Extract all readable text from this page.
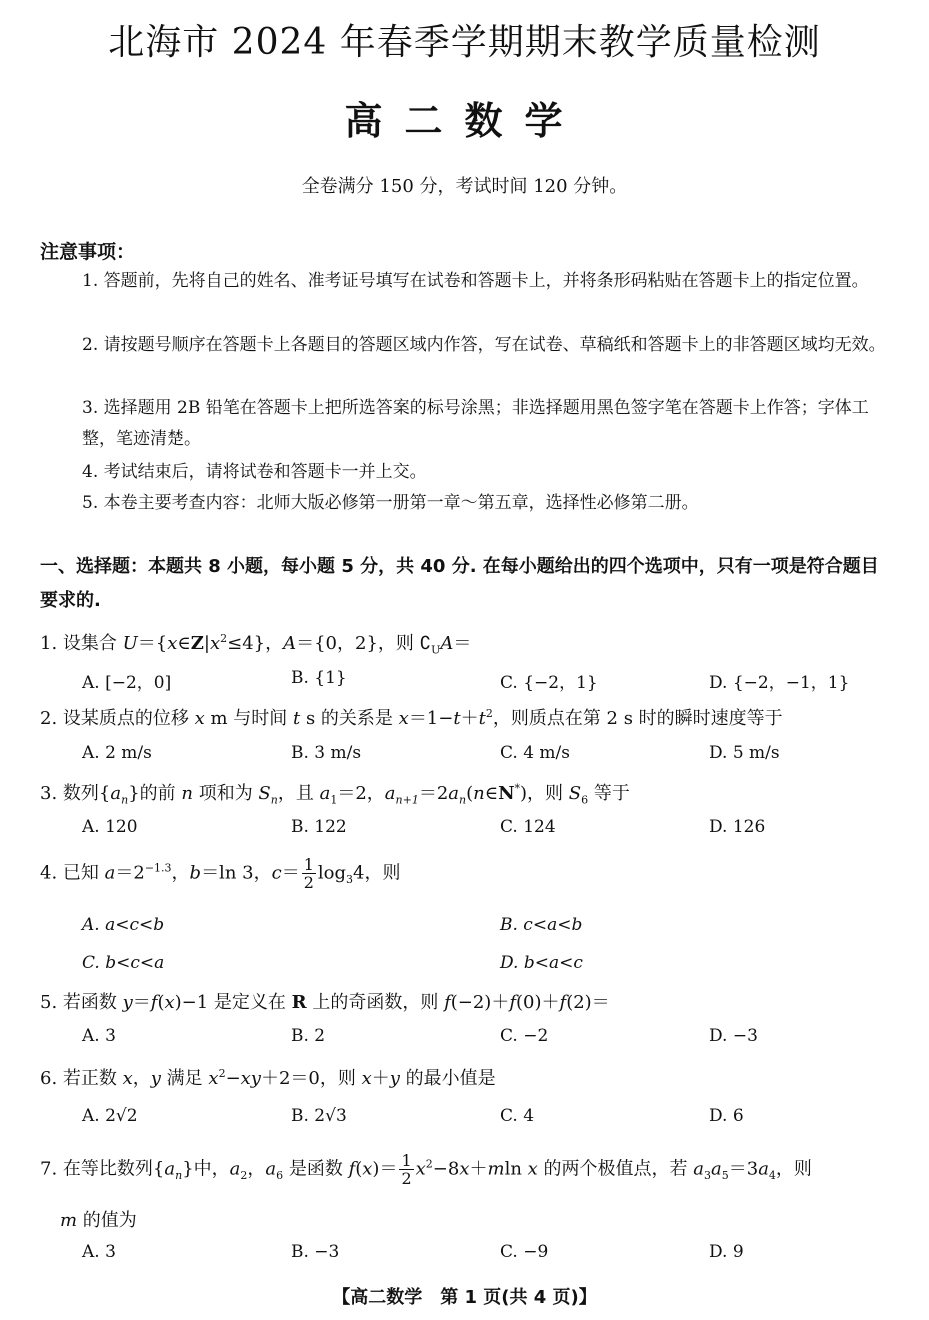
北海市 2024 年春季学期期末教学质量检测
高二数学
全卷满分 150 分，考试时间 120 分钟。
注意事项：
1. 答题前，先将自己的姓名、准考证号填写在试卷和答题卡上，并将条形码粘贴在答题卡上的指定位置。
2. 请按题号顺序在答题卡上各题目的答题区域内作答，写在试卷、草稿纸和答题卡上的非答题区域均无效。
3. 选择题用 2B 铅笔在答题卡上把所选答案的标号涂黑；非选择题用黑色签字笔在答题卡上作答；字体工整，笔迹清楚。
4. 考试结束后，请将试卷和答题卡一并上交。
5. 本卷主要考查内容：北师大版必修第一册第一章～第五章，选择性必修第二册。
一、选择题：本题共 8 小题，每小题 5 分，共 40 分. 在每小题给出的四个选项中，只有一项是符合题目要求的.
1. 设集合 $U=\{x\in Z|x^2\le 4\}$，A＝{0，2}，则 $∁_UA=$
A. [−2，0]	B. {1}	C. {−2，1}	D. {−2，−1，1}
2. 设某质点的位移 x m 与时间 t s 的关系是 $x=1-t+t^2$，则质点在第 2 s 时的瞬时速度等于
A. 2 m/s	B. 3 m/s	C. 4 m/s	D. 5 m/s
3. 数列$\{a_n\}$的前 n 项和为 $S_n$，且 $a_1=2$，$a_{n+1}=2a_n(n\in N^*)$，则 $S_6$ 等于
A. 120	B. 122	C. 124	D. 126
4. 已知 $a=2^{-1.3}$，b＝ln 3，$c= \frac{1}{2} \log_34$，则
A. a<c<b	B. c<a<b
C. b<c<a	D. b<a<c
5. 若函数 y＝f(x)−1 是定义在 R 上的奇函数，则 f(−2)＋f(0)＋f(2)＝
A. 3	B. 2	C. −2	D. −3
6. 若正数 x，y 满足 $x^2-xy+2=0$，则 x＋y 的最小值是
A. 2√2	B. 2√3	C. 4	D. 6
7. 在等比数列$\{a_n\}$中，$a_2$，$a_6$ 是函数 $f(x)= \frac{1}{2} x^2-8x+mln$ x 的两个极值点，若 $a_3a_5=3a_4$，则
m 的值为
A. 3	B. −3	C. −9	D. 9
【高二数学　第 1 页(共 4 页)】
